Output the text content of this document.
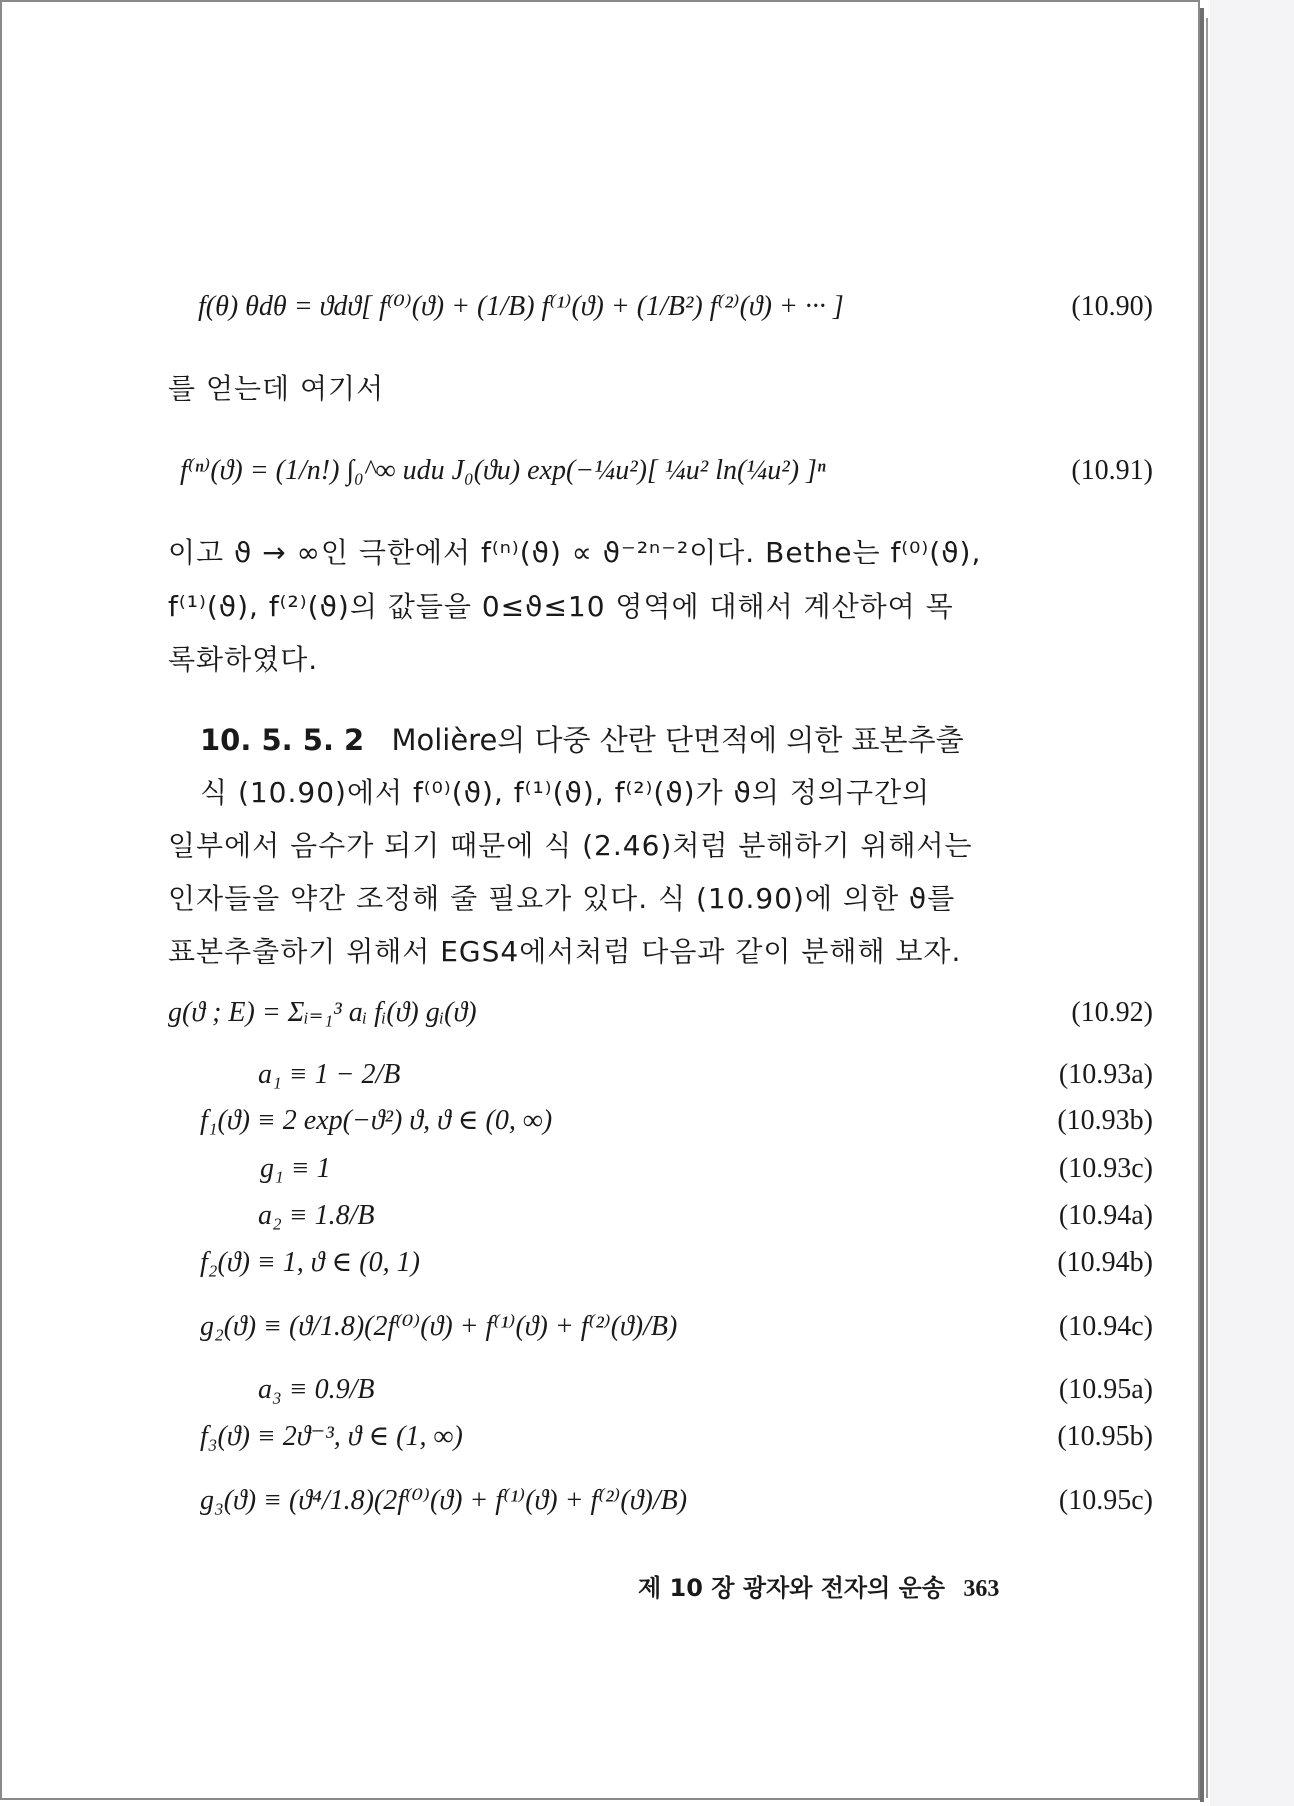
f(θ) θdθ = ϑdϑ[ f⁽⁰⁾(ϑ) + (1/B) f⁽¹⁾(ϑ) + (1/B²) f⁽²⁾(ϑ) + ··· ]	(10.90)
를 얻는데 여기서
f⁽ⁿ⁾(ϑ) = (1/n!) ∫₀^∞ udu J₀(ϑu) exp(−¼u²)[ ¼u² ln(¼u²) ]ⁿ	(10.91)
이고 ϑ → ∞인 극한에서 f⁽ⁿ⁾(ϑ) ∝ ϑ⁻²ⁿ⁻²이다. Bethe는 f⁽⁰⁾(ϑ),
f⁽¹⁾(ϑ), f⁽²⁾(ϑ)의 값들을 0≤ϑ≤10 영역에 대해서 계산하여 목
록화하였다.
10. 5. 5. 2 Molière의 다중 산란 단면적에 의한 표본추출
식 (10.90)에서 f⁽⁰⁾(ϑ), f⁽¹⁾(ϑ), f⁽²⁾(ϑ)가 ϑ의 정의구간의
일부에서 음수가 되기 때문에 식 (2.46)처럼 분해하기 위해서는
인자들을 약간 조정해 줄 필요가 있다. 식 (10.90)에 의한 ϑ를
표본추출하기 위해서 EGS4에서처럼 다음과 같이 분해해 보자.
g(ϑ ; E) = Σᵢ₌₁³ aᵢ fᵢ(ϑ) gᵢ(ϑ)	(10.92)
a₁ ≡ 1 − 2/B	(10.93a)
f₁(ϑ) ≡ 2 exp(−ϑ²) ϑ, ϑ ∈ (0, ∞)	(10.93b)
g₁ ≡ 1	(10.93c)
a₂ ≡ 1.8/B	(10.94a)
f₂(ϑ) ≡ 1, ϑ ∈ (0, 1)	(10.94b)
g₂(ϑ) ≡ (ϑ/1.8)(2f⁽⁰⁾(ϑ) + f⁽¹⁾(ϑ) + f⁽²⁾(ϑ)/B)	(10.94c)
a₃ ≡ 0.9/B	(10.95a)
f₃(ϑ) ≡ 2ϑ⁻³, ϑ ∈ (1, ∞)	(10.95b)
g₃(ϑ) ≡ (ϑ⁴/1.8)(2f⁽⁰⁾(ϑ) + f⁽¹⁾(ϑ) + f⁽²⁾(ϑ)/B)	(10.95c)
제 10 장 광자와 전자의 운송 363
